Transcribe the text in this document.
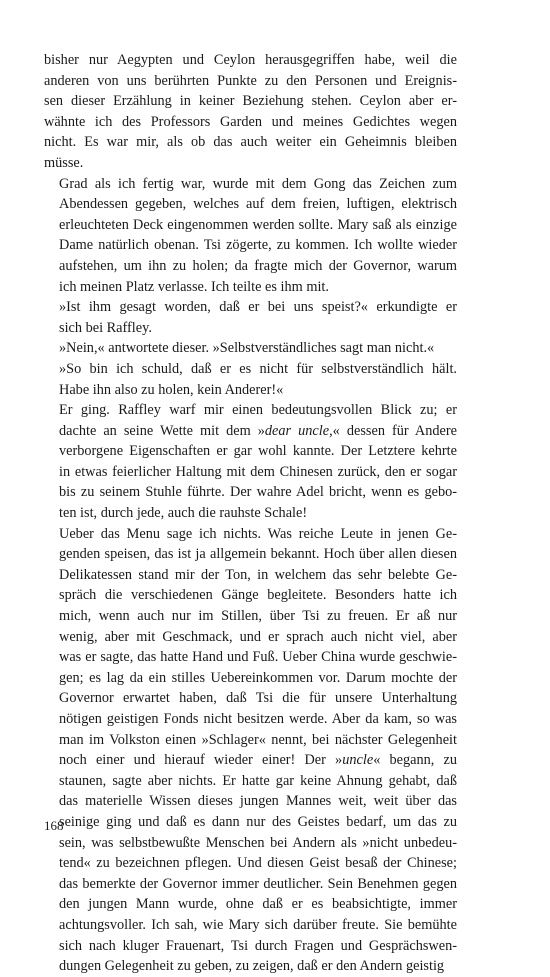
bisher nur Aegypten und Ceylon herausgegriffen habe, weil die
anderen von uns berührten Punkte zu den Personen und Ereignis-
sen dieser Erzählung in keiner Beziehung stehen. Ceylon aber er-
wähnte ich des Professors Garden und meines Gedichtes wegen
nicht. Es war mir, als ob das auch weiter ein Geheimnis bleiben
müsse.

Grad als ich fertig war, wurde mit dem Gong das Zeichen zum
Abendessen gegeben, welches auf dem freien, luftigen, elektrisch
erleuchteten Deck eingenommen werden sollte. Mary saß als einzige
Dame natürlich obenan. Tsi zögerte, zu kommen. Ich wollte wieder
aufstehen, um ihn zu holen; da fragte mich der Governor, warum
ich meinen Platz verlasse. Ich teilte es ihm mit.

»Ist ihm gesagt worden, daß er bei uns speist?« erkundigte er
sich bei Raffley.

»Nein,« antwortete dieser. »Selbstverständliches sagt man nicht.«

»So bin ich schuld, daß er es nicht für selbstverständlich hält.
Habe ihn also zu holen, kein Anderer!«

Er ging. Raffley warf mir einen bedeutungsvollen Blick zu; er
dachte an seine Wette mit dem »dear uncle,« dessen für Andere
verborgene Eigenschaften er gar wohl kannte. Der Letztere kehrte
in etwas feierlicher Haltung mit dem Chinesen zurück, den er sogar
bis zu seinem Stuhle führte. Der wahre Adel bricht, wenn es gebo-
ten ist, durch jede, auch die rauhste Schale!

Ueber das Menu sage ich nichts. Was reiche Leute in jenen Ge-
genden speisen, das ist ja allgemein bekannt. Hoch über allen diesen
Delikatessen stand mir der Ton, in welchem das sehr belebte Ge-
spräch die verschiedenen Gänge begleitete. Besonders hatte ich
mich, wenn auch nur im Stillen, über Tsi zu freuen. Er aß nur
wenig, aber mit Geschmack, und er sprach auch nicht viel, aber
was er sagte, das hatte Hand und Fuß. Ueber China wurde geschwie-
gen; es lag da ein stilles Uebereinkommen vor. Darum mochte der
Governor erwartet haben, daß Tsi die für unsere Unterhaltung
nötigen geistigen Fonds nicht besitzen werde. Aber da kam, so was
man im Volkston einen »Schlager« nennt, bei nächster Gelegenheit
noch einer und hierauf wieder einer! Der »uncle« begann, zu
staunen, sagte aber nichts. Er hatte gar keine Ahnung gehabt, daß
das materielle Wissen dieses jungen Mannes weit, weit über das
seinige ging und daß es dann nur des Geistes bedarf, um das zu
sein, was selbstbewußte Menschen bei Andern als »nicht unbedeu-
tend« zu bezeichnen pflegen. Und diesen Geist besaß der Chinese;
das bemerkte der Governor immer deutlicher. Sein Benehmen gegen
den jungen Mann wurde, ohne daß er es beabsichtigte, immer
achtungsvoller. Ich sah, wie Mary sich darüber freute. Sie bemühte
sich nach kluger Frauenart, Tsi durch Fragen und Gesprächswen-
dungen Gelegenheit zu geben, zu zeigen, daß er den Andern geistig

168
